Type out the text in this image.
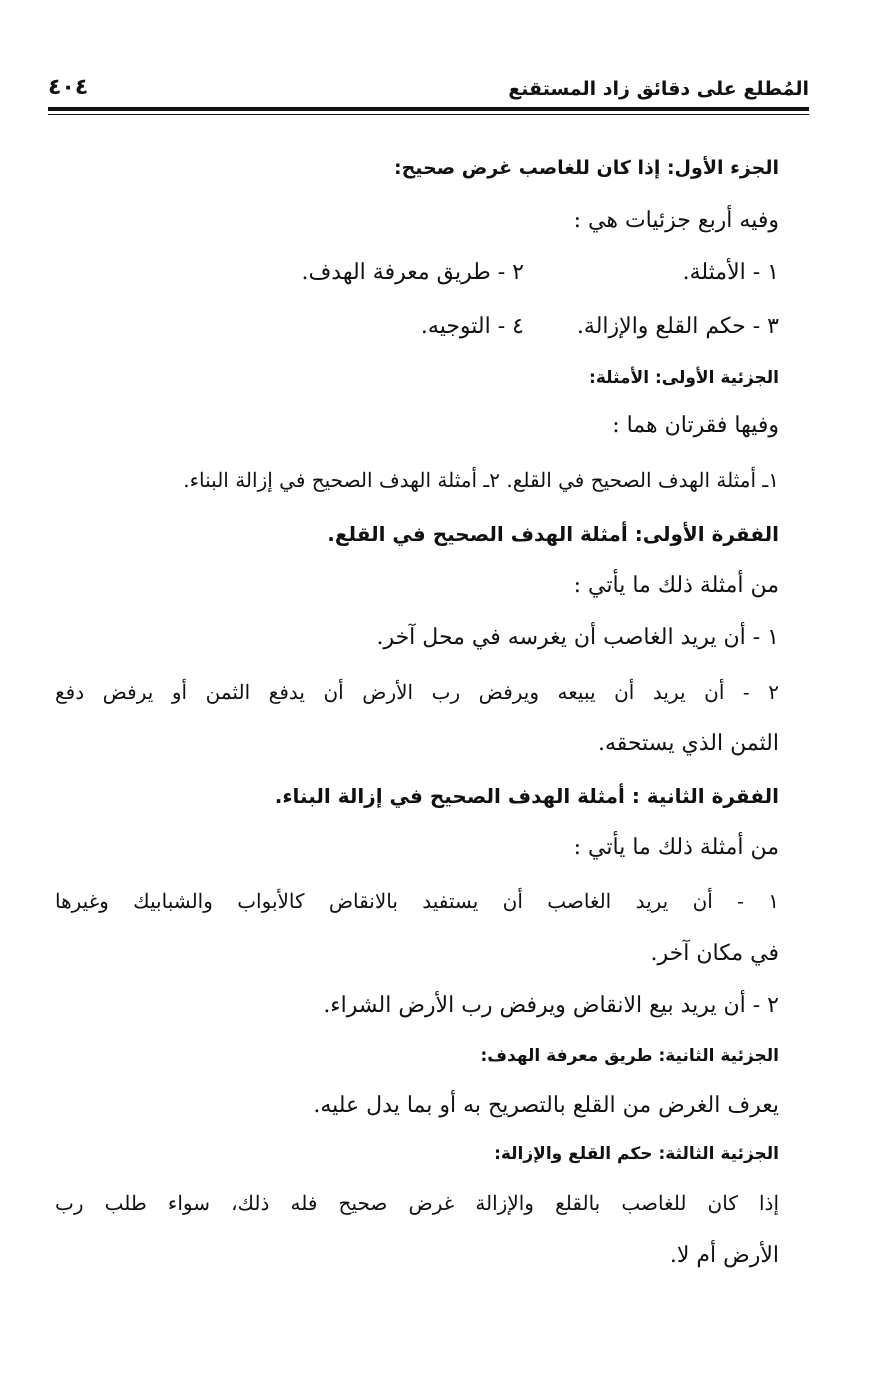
المُطلع على دقائق زاد المستقنع
٤٠٤
الجزء الأول: إذا كان للغاصب غرض صحيح:
وفيه أربع جزئيات هي :
١ - الأمثلة.
٢ - طريق معرفة الهدف.
٣ - حكم القلع والإزالة.
٤ - التوجيه.
الجزئية الأولى: الأمثلة:
وفيها فقرتان هما :
١ـ أمثلة الهدف الصحيح في القلع. ٢ـ أمثلة الهدف الصحيح في إزالة البناء.
الفقرة الأولى: أمثلة الهدف الصحيح في القلع.
من أمثلة ذلك ما يأتي :
١ - أن يريد الغاصب أن يغرسه في محل آخر.
٢ - أن يريد أن يبيعه ويرفض رب الأرض أن يدفع الثمن أو يرفض دفع
الثمن الذي يستحقه.
الفقرة الثانية : أمثلة الهدف الصحيح في إزالة البناء.
من أمثلة ذلك ما يأتي :
١ - أن يريد الغاصب أن يستفيد بالانقاض كالأبواب والشبابيك وغيرها
في مكان آخر.
٢ - أن يريد بيع الانقاض ويرفض رب الأرض الشراء.
الجزئية الثانية: طريق معرفة الهدف:
يعرف الغرض من القلع بالتصريح به أو بما يدل عليه.
الجزئية الثالثة: حكم القلع والإزالة:
إذا كان للغاصب بالقلع والإزالة غرض صحيح فله ذلك، سواء طلب رب
الأرض أم لا.
